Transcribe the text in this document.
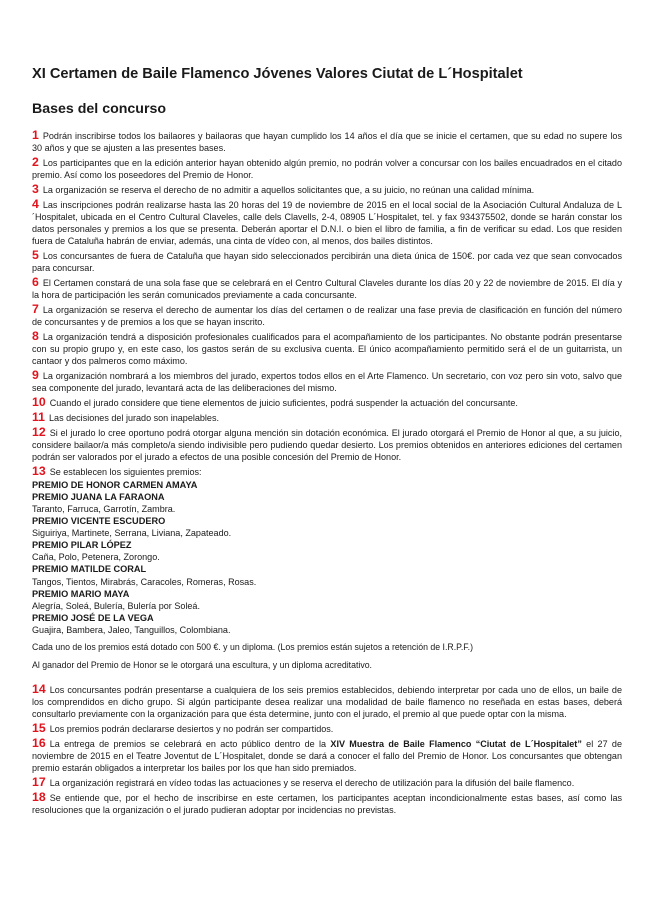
XI Certamen de Baile Flamenco Jóvenes Valores Ciutat de L´Hospitalet
Bases del concurso

1 Podrán inscribirse todos los bailaores y bailaoras que hayan cumplido los 14 años el día que se inicie el certamen, que su edad no supere los 30 años y que se ajusten a las presentes bases.

2 Los participantes que en la edición anterior hayan obtenido algún premio, no podrán volver a concursar con los bailes encuadrados en el citado premio. Así como los poseedores del Premio de Honor.

3 La organización se reserva el derecho de no admitir a aquellos solicitantes que, a su juicio, no reúnan una calidad mínima.

4 Las inscripciones podrán realizarse hasta las 20 horas del 19 de noviembre de 2015 en el local social de la Asociación Cultural Andaluza de L´Hospitalet, ubicada en el Centro Cultural Claveles, calle dels Clavells, 2-4, 08905 L´Hospitalet, tel. y fax 934375502, donde se harán constar los datos personales y premios a los que se presenta. Deberán aportar el D.N.I. o bien el libro de familia, a fin de verificar su edad. Los que residen fuera de Cataluña habrán de enviar, además, una cinta de vídeo con, al menos, dos bailes distintos.

5 Los concursantes de fuera de Cataluña que hayan sido seleccionados percibirán una dieta única de 150€. por cada vez que sean convocados para concursar.

6 El Certamen constará de una sola fase que se celebrará en el Centro Cultural Claveles durante los días 20 y 22 de noviembre de 2015. El día y la hora de participación les serán comunicados previamente a cada concursante.

7 La organización se reserva el derecho de aumentar los días del certamen o de realizar una fase previa de clasificación en función del número de concursantes y de premios a los que se hayan inscrito.

8 La organización tendrá a disposición profesionales cualificados para el acompañamiento de los participantes. No obstante podrán presentarse con su propio grupo y, en este caso, los gastos serán de su exclusiva cuenta. El único acompañamiento permitido será el de un guitarrista, un cantaor y dos palmeros como máximo.

9 La organización nombrará a los miembros del jurado, expertos todos ellos en el Arte Flamenco. Un secretario, con voz pero sin voto, salvo que sea componente del jurado, levantará acta de las deliberaciones del mismo.

10 Cuando el jurado considere que tiene elementos de juicio suficientes, podrá suspender la actuación del concursante.

11 Las decisiones del jurado son inapelables.

12 Si el jurado lo cree oportuno podrá otorgar alguna mención sin dotación económica. El jurado otorgará el Premio de Honor al que, a su juicio, considere bailaor/a más completo/a siendo indivisible pero pudiendo quedar desierto. Los premios obtenidos en anteriores ediciones del certamen podrán ser valorados por el jurado a efectos de una posible concesión del Premio de Honor.

13 Se establecen los siguientes premios:

PREMIO DE HONOR CARMEN AMAYA
PREMIO JUANA LA FARAONA
Taranto, Farruca, Garrotín, Zambra.
PREMIO VICENTE ESCUDERO
Siguiriya, Martinete, Serrana, Liviana, Zapateado.
PREMIO PILAR LÓPEZ
Caña, Polo, Petenera, Zorongo.
PREMIO MATILDE CORAL
Tangos, Tientos, Mirabrás, Caracoles, Romeras, Rosas.
PREMIO MARIO MAYA
Alegría, Soleá, Bulería, Bulería por Soleá.
PREMIO JOSÉ DE LA VEGA
Guajira, Bambera, Jaleo, Tanguillos, Colombiana.

Cada uno de los premios está dotado con 500 €. y un diploma. (Los premios están sujetos a retención de I.R.P.F.)

Al ganador del Premio de Honor se le otorgará una escultura, y un diploma acreditativo.

14 Los concursantes podrán presentarse a cualquiera de los seis premios establecidos, debiendo interpretar por cada uno de ellos, un baile de los comprendidos en dicho grupo. Si algún participante desea realizar una modalidad de baile flamenco no reseñada en estas bases, deberá consultarlo previamente con la organización para que ésta determine, junto con el jurado, el premio al que puede optar con la misma.

15 Los premios podrán declararse desiertos y no podrán ser compartidos.

16 La entrega de premios se celebrará en acto público dentro de la XIV Muestra de Baile Flamenco “Ciutat de L´Hospitalet” el 27 de noviembre de 2015 en el Teatre Joventut de L´Hospitalet, donde se dará a conocer el fallo del Premio de Honor. Los concursantes que obtengan premio estarán obligados a interpretar los bailes por los que han sido premiados.

17 La organización registrará en vídeo todas las actuaciones y se reserva el derecho de utilización para la difusión del baile flamenco.

18 Se entiende que, por el hecho de inscribirse en este certamen, los participantes aceptan incondicionalmente estas bases, así como las resoluciones que la organización o el jurado pudieran adoptar por incidencias no previstas.
